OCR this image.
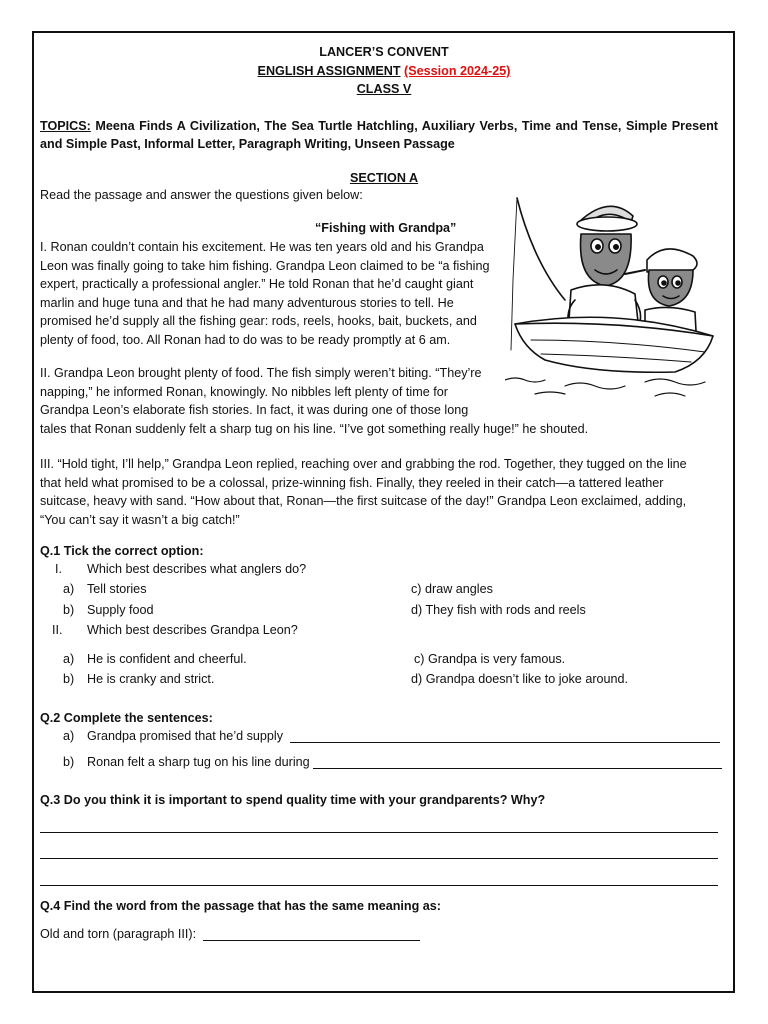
LANCER’S CONVENT
ENGLISH ASSIGNMENT (Session 2024-25)
CLASS V
TOPICS: Meena Finds A Civilization, The Sea Turtle Hatchling, Auxiliary Verbs, Time and Tense, Simple Present and Simple Past, Informal Letter, Paragraph Writing, Unseen Passage
SECTION A
Read the passage and answer the questions given below:
“Fishing with Grandpa”
I. Ronan couldn’t contain his excitement. He was ten years old and his Grandpa
Leon was finally going to take him fishing. Grandpa Leon claimed to be “a fishing
expert, practically a professional angler.” He told Ronan that he’d caught giant
marlin and huge tuna and that he had many adventurous stories to tell. He
promised he’d supply all the fishing gear: rods, reels, hooks, bait, buckets, and
plenty of food, too. All Ronan had to do was to be ready promptly at 6 am.
II. Grandpa Leon brought plenty of food. The fish simply weren’t biting. “They’re
napping,” he informed Ronan, knowingly. No nibbles left plenty of time for
Grandpa Leon’s elaborate fish stories. In fact, it was during one of those long
tales that Ronan suddenly felt a sharp tug on his line. “I’ve got something really huge!” he shouted.
III. “Hold tight, I’ll help,” Grandpa Leon replied, reaching over and grabbing the rod. Together, they tugged on the line
that held what promised to be a colossal, prize-winning fish. Finally, they reeled in their catch—a tattered leather
suitcase, heavy with sand. “How about that, Ronan—the first suitcase of the day!” Grandpa Leon exclaimed, adding,
“You can’t say it wasn’t a big catch!”
Q.1 Tick the correct option:
I. Which best describes what anglers do?
a) Tell stories	c) draw angles
b) Supply food	d) They fish with rods and reels
II. Which best describes Grandpa Leon?
a) He is confident and cheerful.	c) Grandpa is very famous.
b) He is cranky and strict.	d) Grandpa doesn’t like to joke around.
Q.2 Complete the sentences:
a) Grandpa promised that he’d supply
b) Ronan felt a sharp tug on his line during
Q.3 Do you think it is important to spend quality time with your grandparents? Why?
Q.4 Find the word from the passage that has the same meaning as:
Old and torn (paragraph III):
